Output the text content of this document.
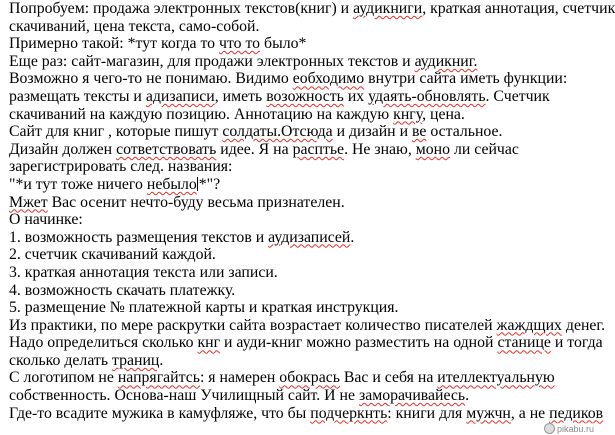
Попробуем: продажа электронных текстов(книг) и аудикниги, краткая аннотация, счетчик
скачиваний, цена текста, само-собой.
Примерно такой: *тут когда то что то было*
Еще раз: сайт-магазин, для продажи электронных текстов и аудикниг.
Возможно я чего-то не понимаю. Видимо еобходимо внутри сайта иметь функции:
размещать тексты и адизаписи, иметь возожность их удаять-обновлять. Счетчик
скачиваний на каждую позицию. Аннотацию на каждую кнгу, цена.
Сайт для книг , которые пишут солдаты.Отсюда и дизайн и ве остальное.
Дизайн должен сответствовать идее. Я на расптье. Не знаю, моно ли сейчас
зарегистрировать след. названия:
"*и тут тоже ничего небыло *"?
Мжет Вас осенит нечто-буду весьма признателен.
О начинке:
1. возможность размещения текстов и аудизаписей.
2. счетчик скачиваний каждой.
3. краткая аннотация текста или записи.
4. возможность скачать платежку.
5. размещение № платежной карты и краткая инструкция.
Из практики, по мере раскрутки сайта возрастает количество писателей жаждщих денег.
Надо определиться сколько кнг и ауди-книг можно разместить на одной станице и тогда
сколько делать траниц.
С логотипом не напрягайтсь: я намерен обокрась Вас и себя на ителлектуальную
собственность. Основа-наш Училищный сайт. И не заморачивайесь.
Где-то всадите мужика в камуфляже, что бы подчеркнть: книги для мужчн, а не педиков
pikabu.ru
